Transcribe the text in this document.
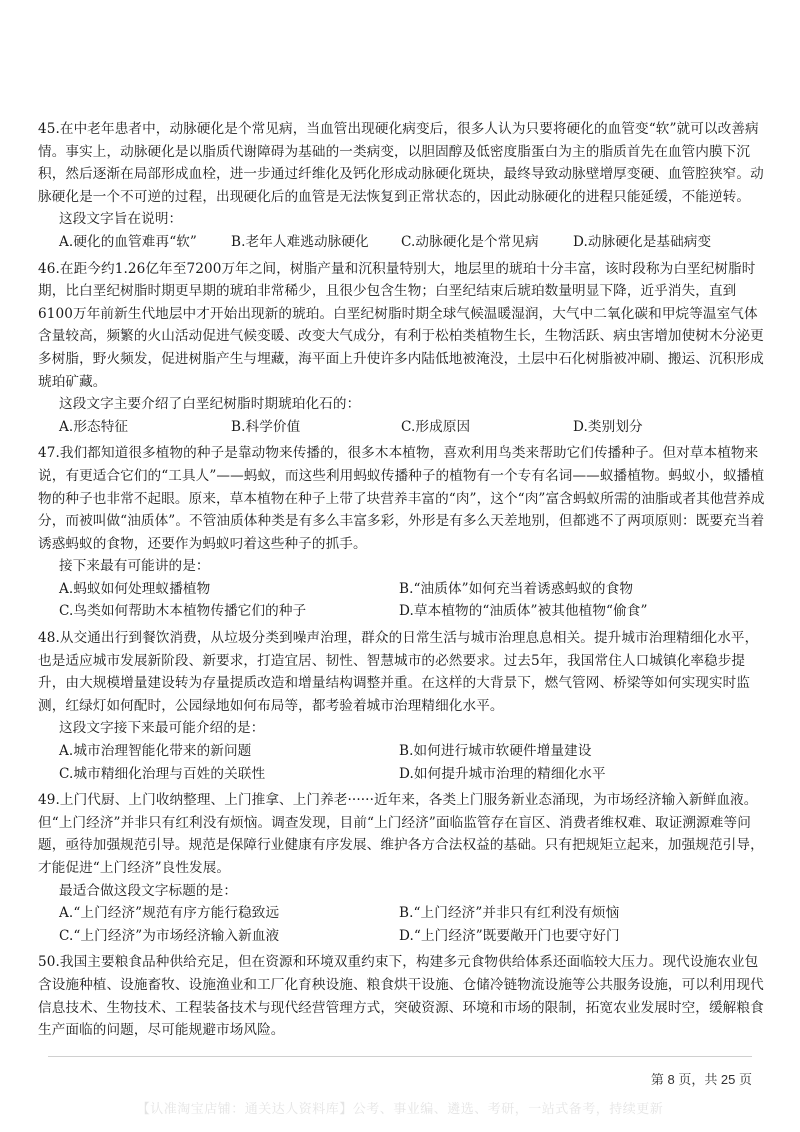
45.在中老年患者中，动脉硬化是个常见病，当血管出现硬化病变后，很多人认为只要将硬化的血管变“软”就可以改善病情。事实上，动脉硬化是以脂质代谢障碍为基础的一类病变，以胆固醇及低密度脂蛋白为主的脂质首先在血管内膜下沉积，然后逐渐在局部形成血栓，进一步通过纤维化及钙化形成动脉硬化斑块，最终导致动脉壁增厚变硬、血管腔狭窄。动脉硬化是一个不可逆的过程，出现硬化后的血管是无法恢复到正常状态的，因此动脉硬化的进程只能延缓，不能逆转。
这段文字旨在说明：
A.硬化的血管难再“软”	B.老年人难逃动脉硬化	C.动脉硬化是个常见病	D.动脉硬化是基础病变
46.在距今约1.26亿年至7200万年之间，树脂产量和沉积量特别大，地层里的琥珀十分丰富，该时段称为白垩纪树脂时期，比白垩纪树脂时期更早期的琥珀非常稀少，且很少包含生物；白垩纪结束后琥珀数量明显下降，近乎消失，直到6100万年前新生代地层中才开始出现新的琥珀。白垩纪树脂时期全球气候温暖湿润，大气中二氧化碳和甲烷等温室气体含量较高，频繁的火山活动促进气候变暖、改变大气成分，有利于松柏类植物生长，生物活跃、病虫害增加使树木分泌更多树脂，野火频发，促进树脂产生与埋藏，海平面上升使许多内陆低地被淹没，土层中石化树脂被冲刷、搬运、沉积形成琥珀矿藏。
这段文字主要介绍了白垩纪树脂时期琥珀化石的：
A.形态特征	B.科学价值	C.形成原因	D.类别划分
47.我们都知道很多植物的种子是靠动物来传播的，很多木本植物，喜欢利用鸟类来帮助它们传播种子。但对草本植物来说，有更适合它们的“工具人”——蚂蚁，而这些利用蚂蚁传播种子的植物有一个专有名词——蚁播植物。蚂蚁小，蚁播植物的种子也非常不起眼。原来，草本植物在种子上带了块营养丰富的“肉”，这个“肉”富含蚂蚁所需的油脂或者其他营养成分，而被叫做“油质体”。不管油质体种类是有多么丰富多彩，外形是有多么天差地别，但都逃不了两项原则：既要充当着诱惑蚂蚁的食物，还要作为蚂蚁叼着这些种子的抓手。
接下来最有可能讲的是：
A.蚂蚁如何处理蚁播植物	B.“油质体”如何充当着诱惑蚂蚁的食物
C.鸟类如何帮助木本植物传播它们的种子	D.草本植物的“油质体”被其他植物“偷食”
48.从交通出行到餐饮消费，从垃圾分类到噪声治理，群众的日常生活与城市治理息息相关。提升城市治理精细化水平，也是适应城市发展新阶段、新要求，打造宜居、韧性、智慧城市的必然要求。过去5年，我国常住人口城镇化率稳步提升，由大规模增量建设转为存量提质改造和增量结构调整并重。在这样的大背景下，燃气管网、桥梁等如何实现实时监测，红绿灯如何配时，公园绿地如何布局等，都考验着城市治理精细化水平。
这段文字接下来最可能介绍的是：
A.城市治理智能化带来的新问题	B.如何进行城市软硬件增量建设
C.城市精细化治理与百姓的关联性	D.如何提升城市治理的精细化水平
49.上门代厨、上门收纳整理、上门推拿、上门养老······近年来，各类上门服务新业态涌现，为市场经济输入新鲜血液。但“上门经济”并非只有红利没有烦恼。调查发现，目前“上门经济”面临监管存在盲区、消费者维权难、取证溯源难等问题，亟待加强规范引导。规范是保障行业健康有序发展、维护各方合法权益的基础。只有把规矩立起来，加强规范引导，才能促进“上门经济”良性发展。
最适合做这段文字标题的是：
A.“上门经济”规范有序方能行稳致远	B.“上门经济”并非只有红利没有烦恼
C.“上门经济”为市场经济输入新血液	D.“上门经济”既要敞开门也要守好门
50.我国主要粮食品种供给充足，但在资源和环境双重约束下，构建多元食物供给体系还面临较大压力。现代设施农业包含设施种植、设施畜牧、设施渔业和工厂化育秧设施、粮食烘干设施、仓储冷链物流设施等公共服务设施，可以利用现代信息技术、生物技术、工程装备技术与现代经营管理方式，突破资源、环境和市场的限制，拓宽农业发展时空，缓解粮食生产面临的问题，尽可能规避市场风险。
第 8 页，共 25 页
【认准淘宝店铺：通关达人资料库】公考、事业编、遴选、考研，一站式备考，持续更新
